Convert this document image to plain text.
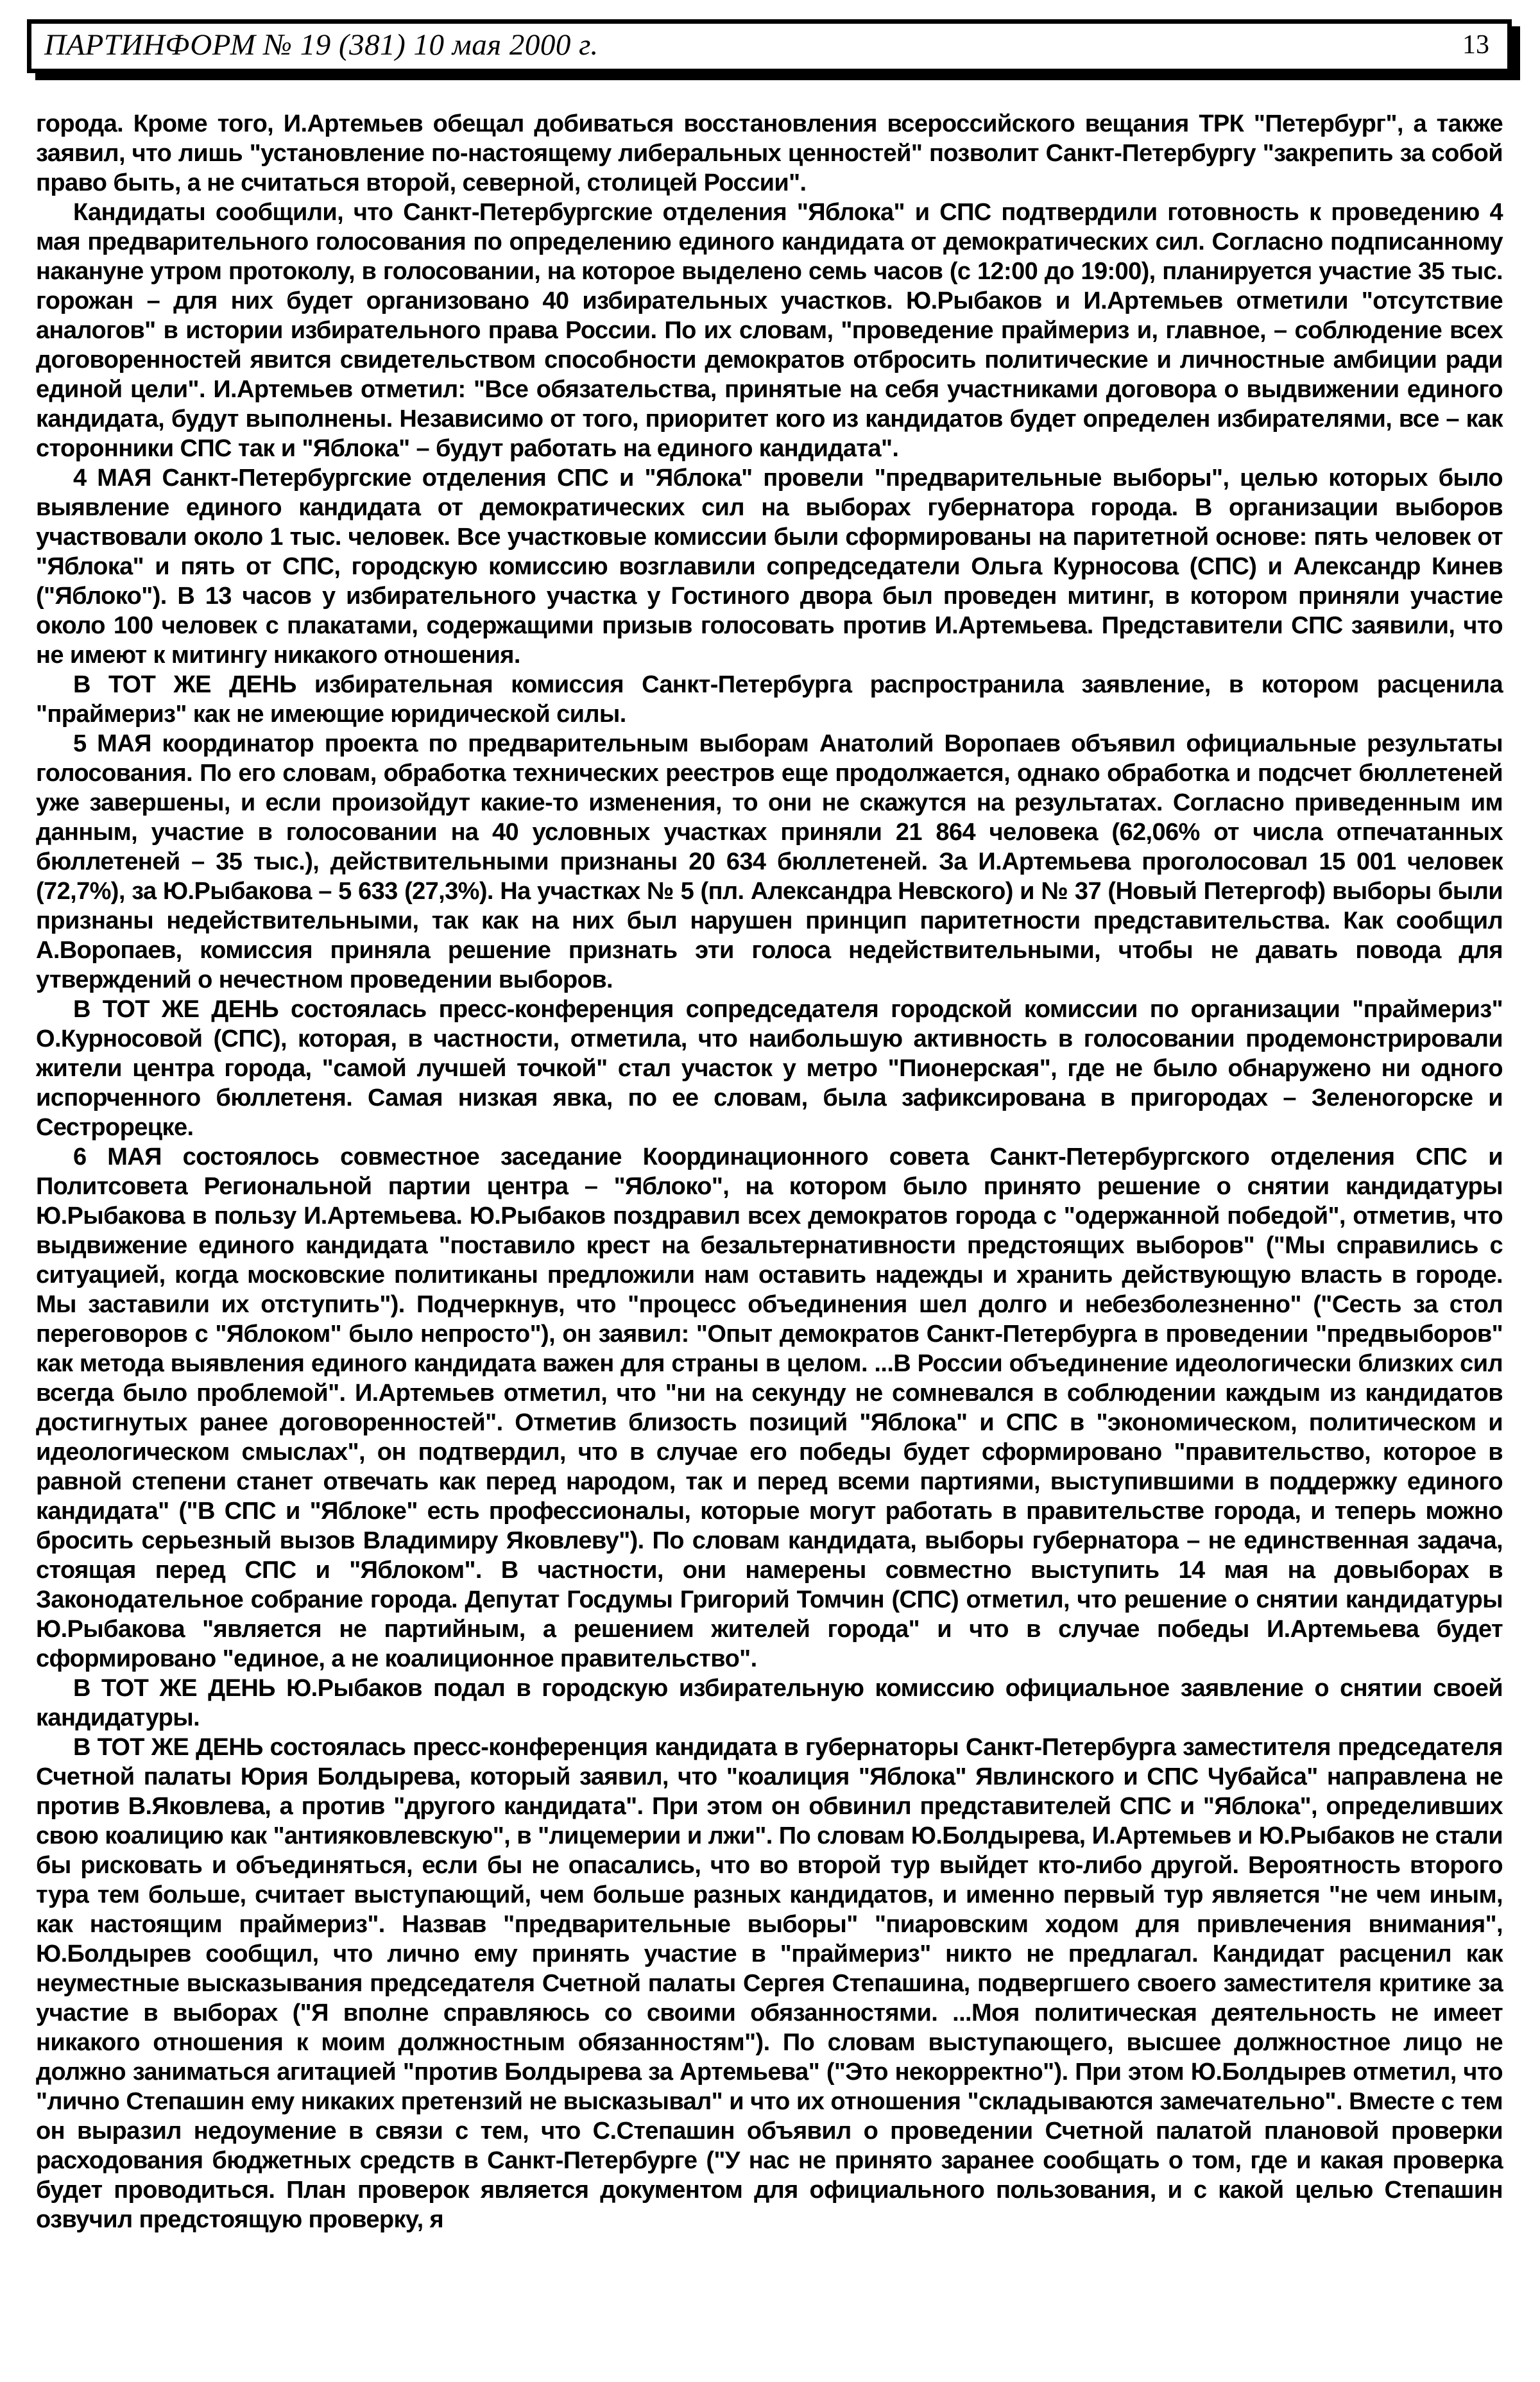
ПАРТИНФОРМ № 19 (381) 10 мая 2000 г.	13

города. Кроме того, И.Артемьев обещал добиваться восстановления всероссийского вещания ТРК "Петербург", а также заявил, что лишь "установление по-настоящему либеральных ценностей" позволит Санкт-Петербургу "закрепить за собой право быть, а не считаться второй, северной, столицей России".

Кандидаты сообщили, что Санкт-Петербургские отделения "Яблока" и СПС подтвердили готовность к проведению 4 мая предварительного голосования по определению единого кандидата от демократических сил. Согласно подписанному накануне утром протоколу, в голосовании, на которое выделено семь часов (с 12:00 до 19:00), планируется участие 35 тыс. горожан – для них будет организовано 40 избирательных участков. Ю.Рыбаков и И.Артемьев отметили "отсутствие аналогов" в истории избирательного права России. По их словам, "проведение праймериз и, главное, – соблюдение всех договоренностей явится свидетельством способности демократов отбросить политические и личностные амбиции ради единой цели". И.Артемьев отметил: "Все обязательства, принятые на себя участниками договора о выдвижении единого кандидата, будут выполнены. Независимо от того, приоритет кого из кандидатов будет определен избирателями, все – как сторонники СПС так и "Яблока" – будут работать на единого кандидата".

4 МАЯ Санкт-Петербургские отделения СПС и "Яблока" провели "предварительные выборы", целью которых было выявление единого кандидата от демократических сил на выборах губернатора города. В организации выборов участвовали около 1 тыс. человек. Все участковые комиссии были сформированы на паритетной основе: пять человек от "Яблока" и пять от СПС, городскую комиссию возглавили сопредседатели Ольга Курносова (СПС) и Александр Кинев ("Яблоко"). В 13 часов у избирательного участка у Гостиного двора был проведен митинг, в котором приняли участие около 100 человек с плакатами, содержащими призыв голосовать против И.Артемьева. Представители СПС заявили, что не имеют к митингу никакого отношения.

В ТОТ ЖЕ ДЕНЬ избирательная комиссия Санкт-Петербурга распространила заявление, в котором расценила "праймериз" как не имеющие юридической силы.

5 МАЯ координатор проекта по предварительным выборам Анатолий Воропаев объявил официальные результаты голосования. По его словам, обработка технических реестров еще продолжается, однако обработка и подсчет бюллетеней уже завершены, и если произойдут какие-то изменения, то они не скажутся на результатах. Согласно приведенным им данным, участие в голосовании на 40 условных участках приняли 21 864 человека (62,06% от числа отпечатанных бюллетеней – 35 тыс.), действительными признаны 20 634 бюллетеней. За И.Артемьева проголосовал 15 001 человек (72,7%), за Ю.Рыбакова – 5 633 (27,3%). На участках № 5 (пл. Александра Невского) и № 37 (Новый Петергоф) выборы были признаны недействительными, так как на них был нарушен принцип паритетности представительства. Как сообщил А.Воропаев, комиссия приняла решение признать эти голоса недействительными, чтобы не давать повода для утверждений о нечестном проведении выборов.

В ТОТ ЖЕ ДЕНЬ состоялась пресс-конференция сопредседателя городской комиссии по организации "праймериз" О.Курносовой (СПС), которая, в частности, отметила, что наибольшую активность в голосовании продемонстрировали жители центра города, "самой лучшей точкой" стал участок у метро "Пионерская", где не было обнаружено ни одного испорченного бюллетеня. Самая низкая явка, по ее словам, была зафиксирована в пригородах – Зеленогорске и Сестрорецке.

6 МАЯ состоялось совместное заседание Координационного совета Санкт-Петербургского отделения СПС и Политсовета Региональной партии центра – "Яблоко", на котором было принято решение о снятии кандидатуры Ю.Рыбакова в пользу И.Артемьева. Ю.Рыбаков поздравил всех демократов города с "одержанной победой", отметив, что выдвижение единого кандидата "поставило крест на безальтернативности предстоящих выборов" ("Мы справились с ситуацией, когда московские политиканы предложили нам оставить надежды и хранить действующую власть в городе. Мы заставили их отступить"). Подчеркнув, что "процесс объединения шел долго и небезболезненно" ("Сесть за стол переговоров с "Яблоком" было непросто"), он заявил: "Опыт демократов Санкт-Петербурга в проведении "предвыборов" как метода выявления единого кандидата важен для страны в целом. ...В России объединение идеологически близких сил всегда было проблемой". И.Артемьев отметил, что "ни на секунду не сомневался в соблюдении каждым из кандидатов достигнутых ранее договоренностей". Отметив близость позиций "Яблока" и СПС в "экономическом, политическом и идеологическом смыслах", он подтвердил, что в случае его победы будет сформировано "правительство, которое в равной степени станет отвечать как перед народом, так и перед всеми партиями, выступившими в поддержку единого кандидата" ("В СПС и "Яблоке" есть профессионалы, которые могут работать в правительстве города, и теперь можно бросить серьезный вызов Владимиру Яковлеву"). По словам кандидата, выборы губернатора – не единственная задача, стоящая перед СПС и "Яблоком". В частности, они намерены совместно выступить 14 мая на довыборах в Законодательное собрание города. Депутат Госдумы Григорий Томчин (СПС) отметил, что решение о снятии кандидатуры Ю.Рыбакова "является не партийным, а решением жителей города" и что в случае победы И.Артемьева будет сформировано "единое, а не коалиционное правительство".

В ТОТ ЖЕ ДЕНЬ Ю.Рыбаков подал в городскую избирательную комиссию официальное заявление о снятии своей кандидатуры.

В ТОТ ЖЕ ДЕНЬ состоялась пресс-конференция кандидата в губернаторы Санкт-Петербурга заместителя председателя Счетной палаты Юрия Болдырева, который заявил, что "коалиция "Яблока" Явлинского и СПС Чубайса" направлена не против В.Яковлева, а против "другого кандидата". При этом он обвинил представителей СПС и "Яблока", определивших свою коалицию как "антияковлевскую", в "лицемерии и лжи". По словам Ю.Болдырева, И.Артемьев и Ю.Рыбаков не стали бы рисковать и объединяться, если бы не опасались, что во второй тур выйдет кто-либо другой. Вероятность второго тура тем больше, считает выступающий, чем больше разных кандидатов, и именно первый тур является "не чем иным, как настоящим праймериз". Назвав "предварительные выборы" "пиаровским ходом для привлечения внимания", Ю.Болдырев сообщил, что лично ему принять участие в "праймериз" никто не предлагал. Кандидат расценил как неуместные высказывания председателя Счетной палаты Сергея Степашина, подвергшего своего заместителя критике за участие в выборах ("Я вполне справляюсь со своими обязанностями. ...Моя политическая деятельность не имеет никакого отношения к моим должностным обязанностям"). По словам выступающего, высшее должностное лицо не должно заниматься агитацией "против Болдырева за Артемьева" ("Это некорректно"). При этом Ю.Болдырев отметил, что "лично Степашин ему никаких претензий не высказывал" и что их отношения "складываются замечательно". Вместе с тем он выразил недоумение в связи с тем, что С.Степашин объявил о проведении Счетной палатой плановой проверки расходования бюджетных средств в Санкт-Петербурге ("У нас не принято заранее сообщать о том, где и какая проверка будет проводиться. План проверок является документом для официального пользования, и с какой целью Степашин озвучил предстоящую проверку, я
